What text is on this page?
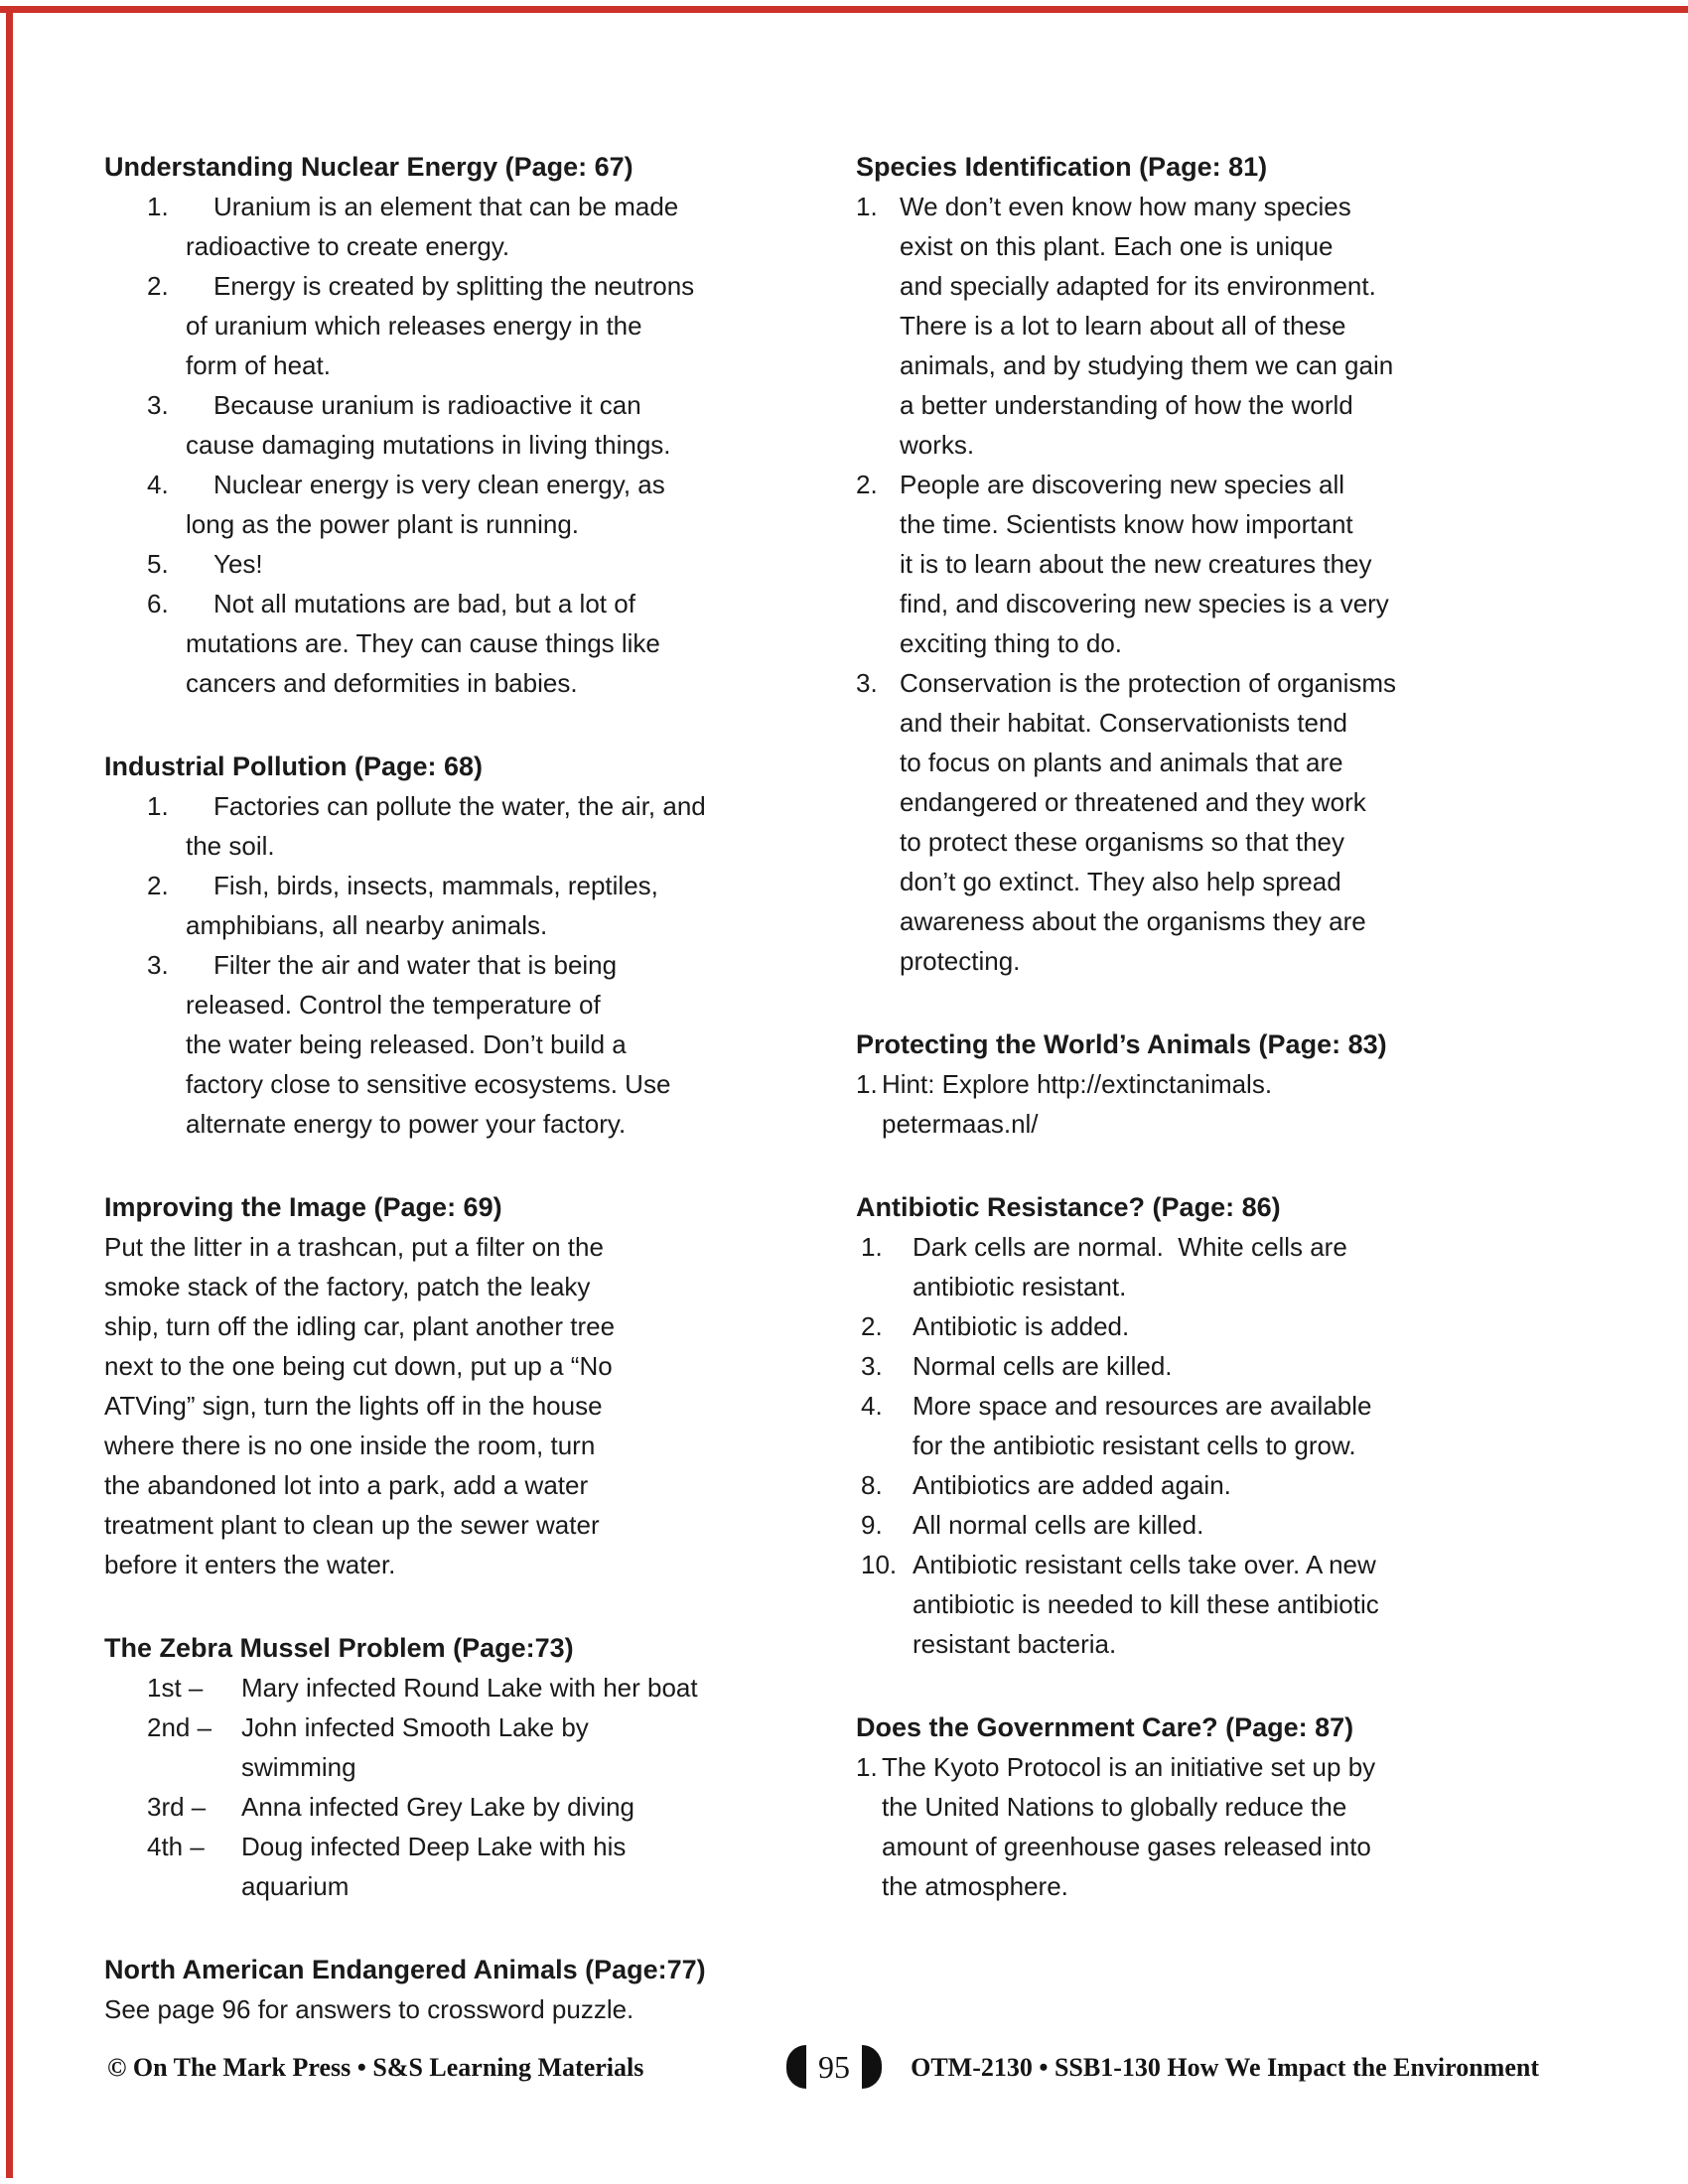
Understanding Nuclear Energy (Page: 67)
1.	Uranium is an element that can be made
radioactive to create energy.
2.	Energy is created by splitting the neutrons
of uranium which releases energy in the
form of heat.
3.	Because uranium is radioactive it can
cause damaging mutations in living things.
4.	Nuclear energy is very clean energy, as
long as the power plant is running.
5.	Yes!
6.	Not all mutations are bad, but a lot of
mutations are. They can cause things like
cancers and deformities in babies.
Industrial Pollution (Page: 68)
1.	Factories can pollute the water, the air, and
the soil.
2.	Fish, birds, insects, mammals, reptiles,
amphibians, all nearby animals.
3.	Filter the air and water that is being
released. Control the temperature of
the water being released. Don’t build a
factory close to sensitive ecosystems. Use
alternate energy to power your factory.
Improving the Image (Page: 69)
Put the litter in a trashcan, put a filter on the
smoke stack of the factory, patch the leaky
ship, turn off the idling car, plant another tree
next to the one being cut down, put up a “No
ATVing” sign, turn the lights off in the house
where there is no one inside the room, turn
the abandoned lot into a park, add a water
treatment plant to clean up the sewer water
before it enters the water.
The Zebra Mussel Problem (Page:73)
1st – Mary infected Round Lake with her boat
2nd – John infected Smooth Lake by
swimming
3rd – Anna infected Grey Lake by diving
4th – Doug infected Deep Lake with his
aquarium
North American Endangered Animals (Page:77)
See page 96 for answers to crossword puzzle.
Species Identification (Page: 81)
1. We don’t even know how many species
exist on this plant. Each one is unique
and specially adapted for its environment.
There is a lot to learn about all of these
animals, and by studying them we can gain
a better understanding of how the world
works.
2. People are discovering new species all
the time. Scientists know how important
it is to learn about the new creatures they
find, and discovering new species is a very
exciting thing to do.
3. Conservation is the protection of organisms
and their habitat. Conservationists tend
to focus on plants and animals that are
endangered or threatened and they work
to protect these organisms so that they
don’t go extinct. They also help spread
awareness about the organisms they are
protecting.
Protecting the World’s Animals (Page: 83)
1. Hint: Explore http://extinctanimals.
petermaas.nl/
Antibiotic Resistance? (Page: 86)
1. Dark cells are normal.  White cells are
antibiotic resistant.
2. Antibiotic is added.
3. Normal cells are killed.
4. More space and resources are available
for the antibiotic resistant cells to grow.
8. Antibiotics are added again.
9. All normal cells are killed.
10. Antibiotic resistant cells take over. A new
antibiotic is needed to kill these antibiotic
resistant bacteria.
Does the Government Care? (Page: 87)
1. The Kyoto Protocol is an initiative set up by
the United Nations to globally reduce the
amount of greenhouse gases released into
the atmosphere.
© On The Mark Press • S&S Learning Materials	95 OTM-2130 • SSB1-130 How We Impact the Environment
